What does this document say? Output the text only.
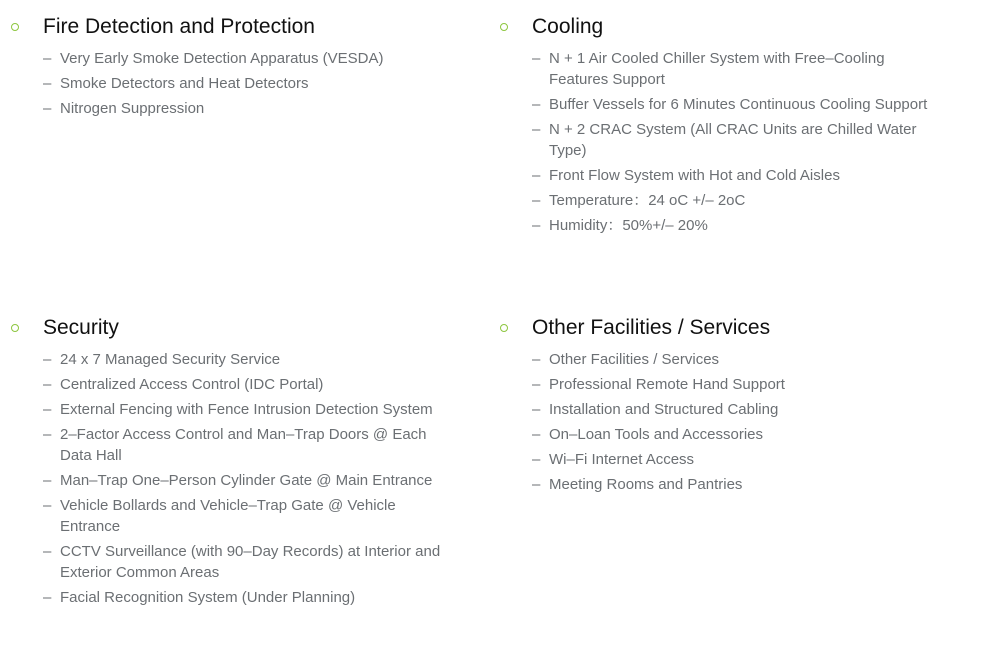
Fire Detection and Protection
– Very Early Smoke Detection Apparatus (VESDA)
– Smoke Detectors and Heat Detectors
– Nitrogen Suppression
Cooling
– N + 1 Air Cooled Chiller System with Free–Cooling Features Support
– Buffer Vessels for 6 Minutes Continuous Cooling Support
– N + 2 CRAC System (All CRAC Units are Chilled Water Type)
– Front Flow System with Hot and Cold Aisles
– Temperature：24 oC +/– 2oC
– Humidity：50%+/– 20%
Security
– 24 x 7 Managed Security Service
– Centralized Access Control (IDC Portal)
– External Fencing with Fence Intrusion Detection System
– 2–Factor Access Control and Man–Trap Doors @ Each Data Hall
– Man–Trap One–Person Cylinder Gate @ Main Entrance
– Vehicle Bollards and Vehicle–Trap Gate @ Vehicle Entrance
– CCTV Surveillance (with 90–Day Records) at Interior and Exterior Common Areas
– Facial Recognition System (Under Planning)
Other Facilities / Services
– Other Facilities / Services
– Professional Remote Hand Support
– Installation and Structured Cabling
– On–Loan Tools and Accessories
– Wi–Fi Internet Access
– Meeting Rooms and Pantries
